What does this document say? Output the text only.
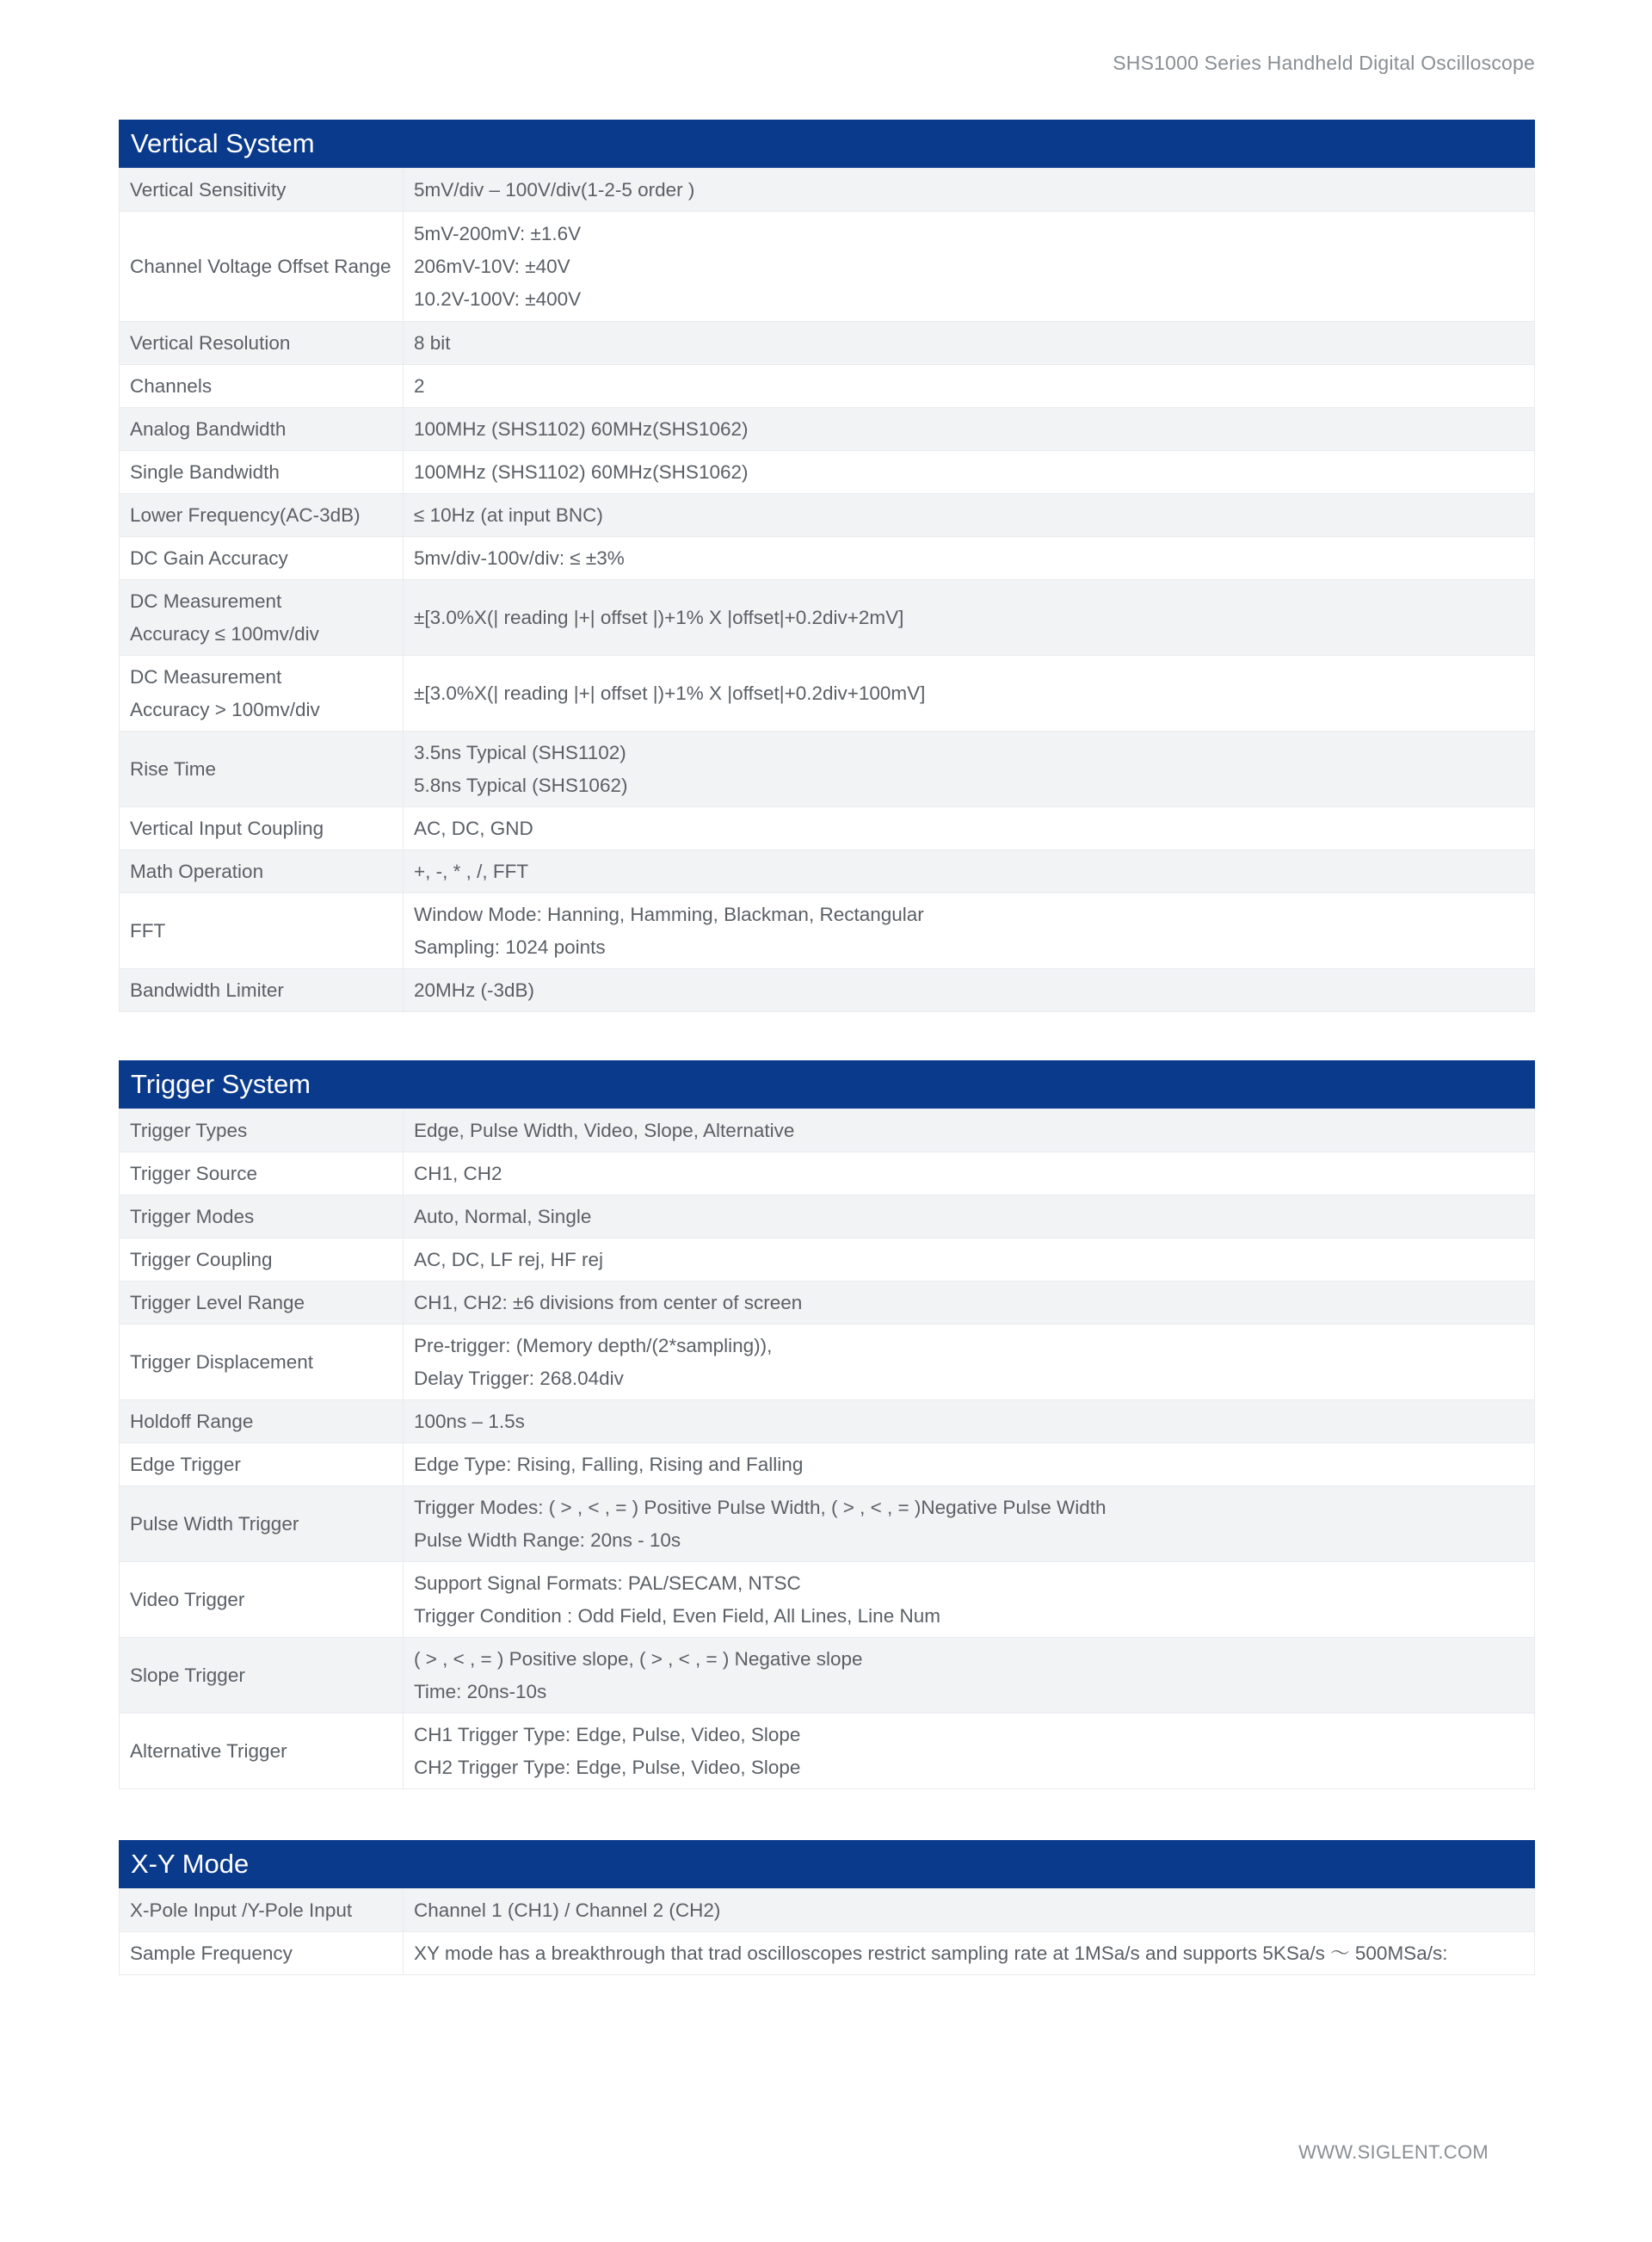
SHS1000 Series Handheld Digital Oscilloscope
Vertical System
Vertical Sensitivity	5mV/div – 100V/div(1-2-5 order )

Channel Voltage Offset Range	5mV-200mV: ±1.6V
206mV-10V: ±40V
10.2V-100V: ±400V

Vertical Resolution	8 bit

Channels	2

Analog Bandwidth	100MHz (SHS1102) 60MHz(SHS1062)

Single Bandwidth	100MHz (SHS1102) 60MHz(SHS1062)

Lower Frequency(AC-3dB)	≤ 10Hz (at input BNC)

DC Gain Accuracy	5mv/div-100v/div: ≤ ±3%

DC Measurement
Accuracy ≤ 100mv/div	±[3.0%X(| reading |+| offset |)+1% X |offset|+0.2div+2mV]

DC Measurement
Accuracy > 100mv/div	±[3.0%X(| reading |+| offset |)+1% X |offset|+0.2div+100mV]

Rise Time	3.5ns Typical (SHS1102)
5.8ns Typical (SHS1062)

Vertical Input Coupling	AC, DC, GND

Math Operation	+, -, * , /, FFT

FFT	Window Mode: Hanning, Hamming, Blackman, Rectangular
Sampling: 1024 points

Bandwidth Limiter	20MHz (-3dB)
Trigger System
Trigger Types	Edge, Pulse Width, Video, Slope, Alternative

Trigger Source	CH1, CH2

Trigger Modes	Auto, Normal, Single

Trigger Coupling	AC, DC, LF rej, HF rej

Trigger Level Range	CH1, CH2: ±6 divisions from center of screen

Trigger Displacement	Pre-trigger: (Memory depth/(2*sampling)),
Delay Trigger: 268.04div

Holdoff Range	100ns – 1.5s

Edge Trigger	Edge Type: Rising, Falling, Rising and Falling

Pulse Width Trigger	Trigger Modes: ( > , < , = ) Positive Pulse Width, ( > , < , = )Negative Pulse Width
Pulse Width Range: 20ns - 10s

Video Trigger	Support Signal Formats: PAL/SECAM, NTSC
Trigger Condition : Odd Field, Even Field, All Lines, Line Num

Slope Trigger	( > , < , = ) Positive slope, ( > , < , = ) Negative slope
Time: 20ns-10s

Alternative Trigger	CH1 Trigger Type: Edge, Pulse, Video, Slope
CH2 Trigger Type: Edge, Pulse, Video, Slope
X-Y Mode
X-Pole Input /Y-Pole Input	Channel 1 (CH1) / Channel 2 (CH2)

Sample Frequency	XY mode has a breakthrough that trad oscilloscopes restrict sampling rate at 1MSa/s and supports 5KSa/s ～ 500MSa/s:
WWW.SIGLENT.COM
